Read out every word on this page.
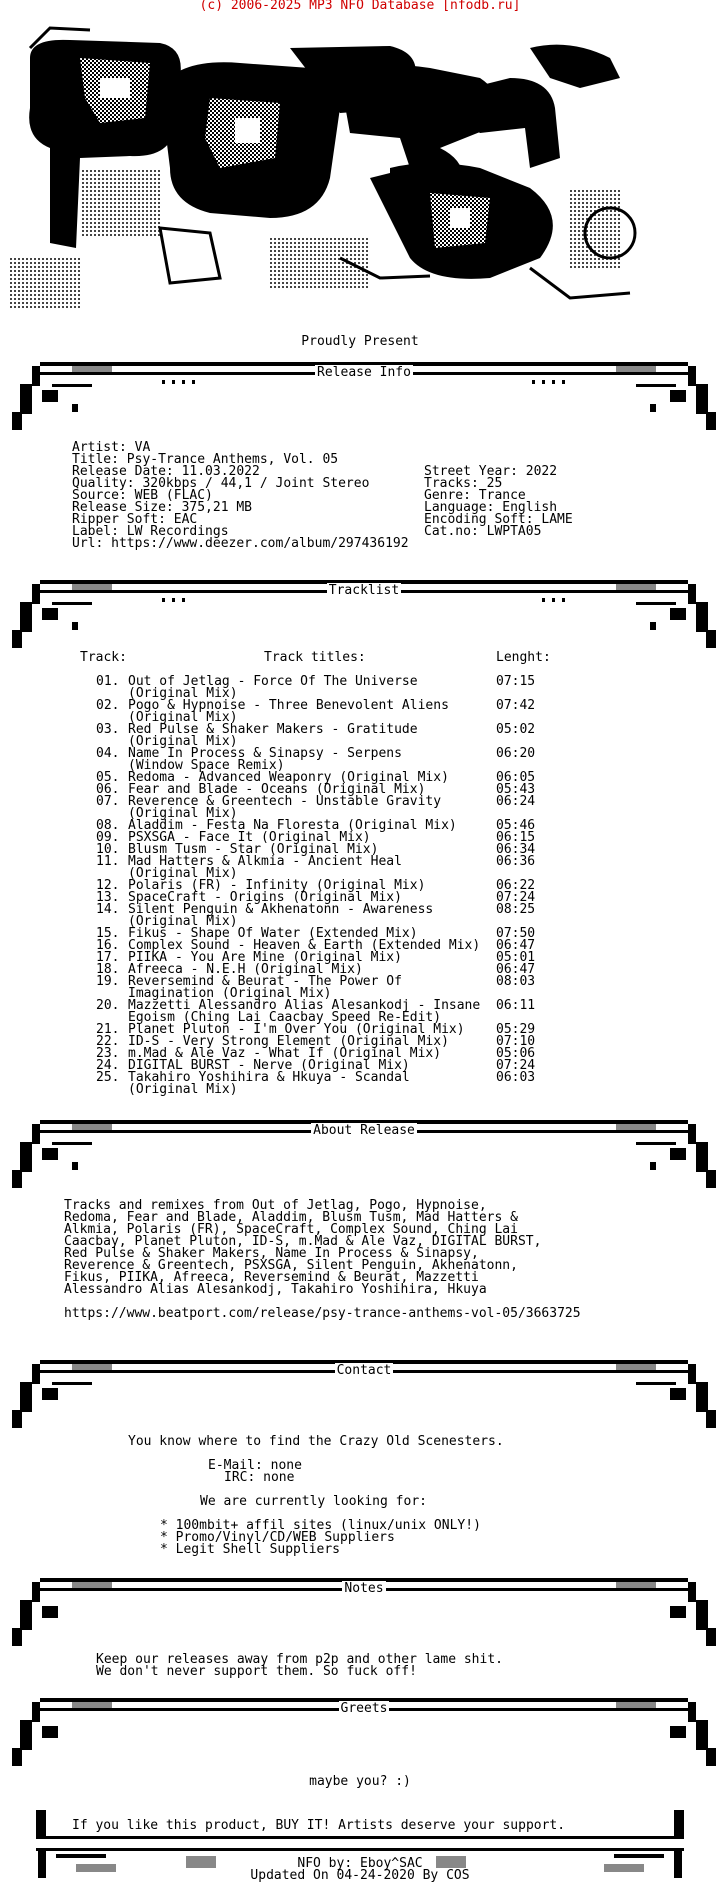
(c) 2006-2025 MP3 NFO Database [nfodb.ru]
Proudly Present
Release Info

Artist: VA

Title: Psy-Trance Anthems, Vol. 05

Release Date: 11.03.2022

Quality: 320kbps / 44,1 / Joint Stereo

Source: WEB (FLAC)

Release Size: 375,21 MB

Ripper Soft: EAC

Label: LW Recordings

Url: https://www.deezer.com/album/297436192

Street Year: 2022

Tracks: 25

Genre: Trance

Language: English

Encoding Soft: LAME

Cat.no: LWPTA05

Tracklist
Track:	Track titles:	Lenght:
01. Out of Jetlag - Force Of The Universe	07:15
(Original Mix)
02. Pogo & Hypnoise - Three Benevolent Aliens	07:42
(Original Mix)
03. Red Pulse & Shaker Makers - Gratitude	05:02
(Original Mix)
04. Name In Process & Sinapsy - Serpens	06:20
(Window Space Remix)
05. Redoma - Advanced Weaponry (Original Mix)	06:05
06. Fear and Blade - Oceans (Original Mix)	05:43
07. Reverence & Greentech - Unstable Gravity	06:24
(Original Mix)
08. Aladdim - Festa Na Floresta (Original Mix)	05:46
09. PSXSGA - Face It (Original Mix)	06:15
10. Blusm Tusm - Star (Original Mix)	06:34
11. Mad Hatters & Alkmia - Ancient Heal	06:36
(Original Mix)
12. Polaris (FR) - Infinity (Original Mix)	06:22
13. SpaceCraft - Origins (Original Mix)	07:24
14. Silent Penguin & Akhenatonn - Awareness	08:25
(Original Mix)
15. Fikus - Shape Of Water (Extended Mix)	07:50
16. Complex Sound - Heaven & Earth (Extended Mix) 06:47
17. PIIKA - You Are Mine (Original Mix)	05:01
18. Afreeca - N.E.H (Original Mix)	06:47
19. Reversemind & Beurat - The Power Of	08:03
Imagination (Original Mix)
20. Mazzetti Alessandro Alias Alesankodj - Insane 06:11
Egoism (Ching Lai Caacbay Speed Re-Edit)
21. Planet Pluton - I'm Over You (Original Mix) 05:29
22. ID-S - Very Strong Element (Original Mix)	07:10
23. m.Mad & Ale Vaz - What If (Original Mix)	05:06
24. DIGITAL BURST - Nerve (Original Mix)	07:24
25. Takahiro Yoshihira & Hkuya - Scandal	06:03
(Original Mix)
About Release

Tracks and remixes from Out of Jetlag, Pogo, Hypnoise,

Redoma, Fear and Blade, Aladdim, Blusm Tusm, Mad Hatters &

Alkmia, Polaris (FR), SpaceCraft, Complex Sound, Ching Lai

Caacbay, Planet Pluton, ID-S, m.Mad & Ale Vaz, DIGITAL BURST,

Red Pulse & Shaker Makers, Name In Process & Sinapsy,

Reverence & Greentech, PSXSGA, Silent Penguin, Akhenatonn,

Fikus, PIIKA, Afreeca, Reversemind & Beurat, Mazzetti

Alessandro Alias Alesankodj, Takahiro Yoshihira, Hkuya

https://www.beatport.com/release/psy-trance-anthems-vol-05/3663725

Contact
You know where to find the Crazy Old Scenesters.
E-Mail: none
IRC: none
We are currently looking for:
* 100mbit+ affil sites (linux/unix ONLY!)
* Promo/Vinyl/CD/WEB Suppliers
* Legit Shell Suppliers
Notes
Keep our releases away from p2p and other lame shit.
We don't never support them. So fuck off!
Greets
maybe you? :)
If you like this product, BUY IT! Artists deserve your support.
NFO by: Eboy^SAC
Updated On 04-24-2020 By COS
